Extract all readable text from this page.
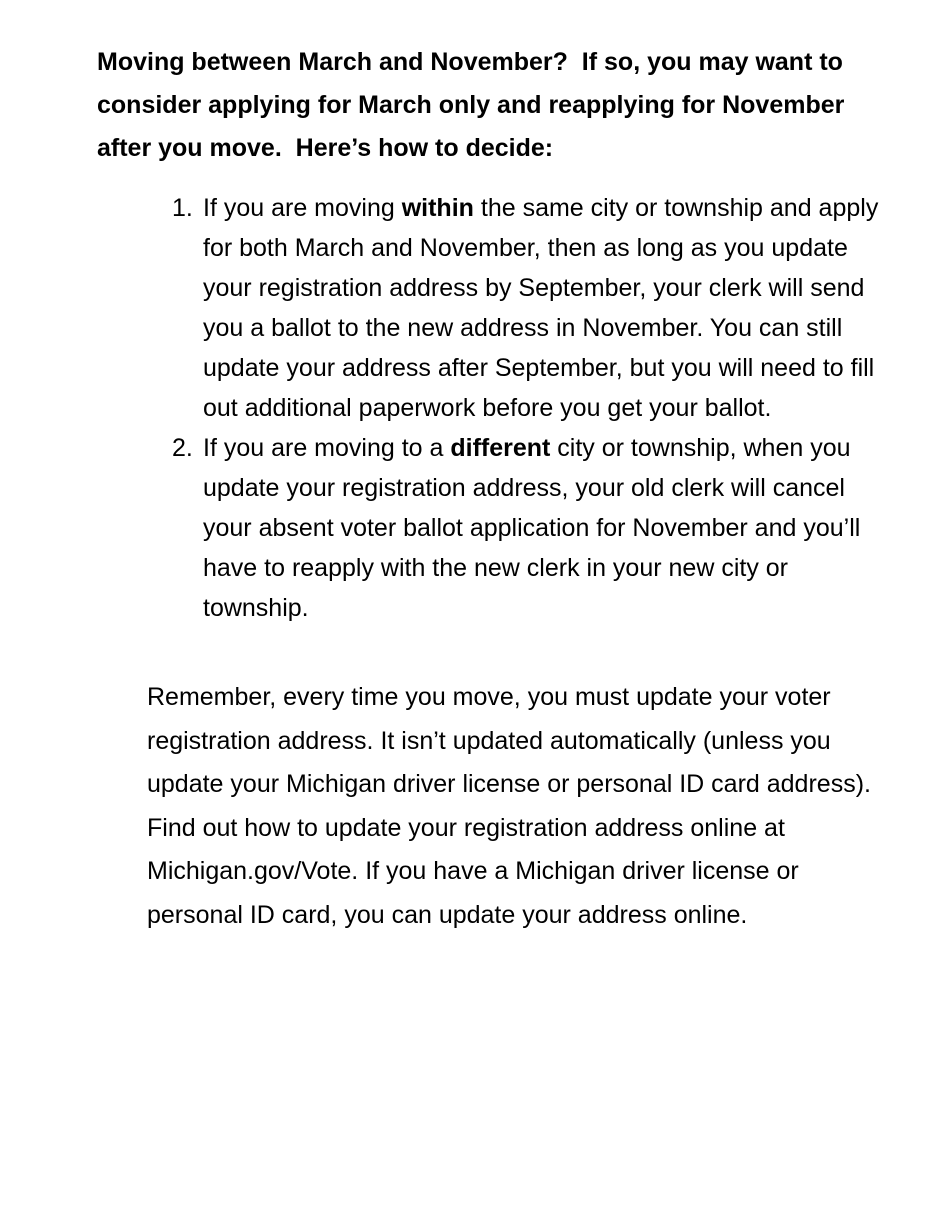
Moving between March and November?  If so, you may want to consider applying for March only and reapplying for November after you move.  Here’s how to decide:

1. If you are moving within the same city or township and apply for both March and November, then as long as you update your registration address by September, your clerk will send you a ballot to the new address in November. You can still update your address after September, but you will need to fill out additional paperwork before you get your ballot.
2. If you are moving to a different city or township, when you update your registration address, your old clerk will cancel your absent voter ballot application for November and you’ll have to reapply with the new clerk in your new city or township.

Remember, every time you move, you must update your voter registration address. It isn’t updated automatically (unless you update your Michigan driver license or personal ID card address). Find out how to update your registration address online at Michigan.gov/Vote. If you have a Michigan driver license or personal ID card, you can update your address online.
